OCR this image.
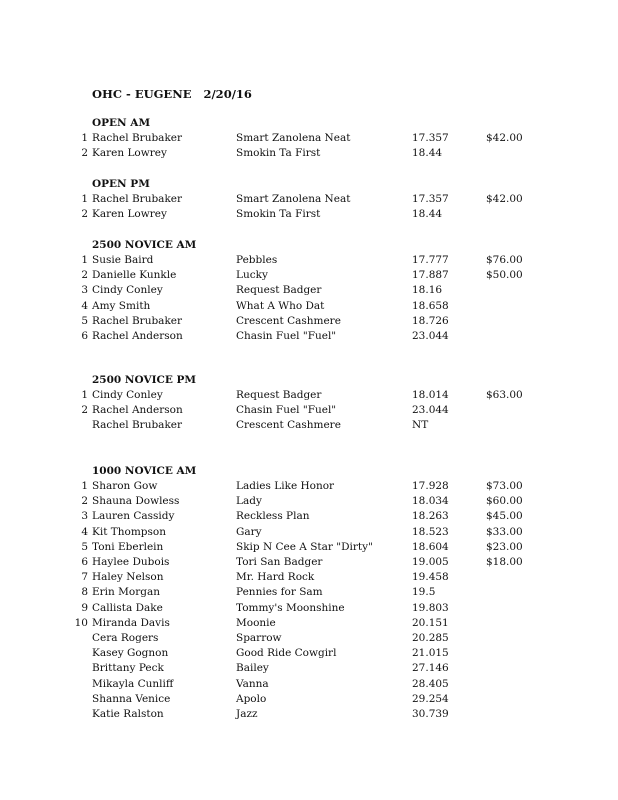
OHC - EUGENE   2/20/16
OPEN AM
1 Rachel Brubaker	Smart Zanolena Neat	17.357	$42.00
2 Karen Lowrey	Smokin Ta First	18.44
OPEN PM
1 Rachel Brubaker	Smart Zanolena Neat	17.357	$42.00
2 Karen Lowrey	Smokin Ta First	18.44
2500 NOVICE AM
1 Susie Baird	Pebbles	17.777	$76.00
2 Danielle Kunkle	Lucky	17.887	$50.00
3 Cindy Conley	Request Badger	18.16
4 Amy Smith	What A Who Dat	18.658
5 Rachel Brubaker	Crescent Cashmere	18.726
6 Rachel Anderson	Chasin Fuel "Fuel"	23.044
2500 NOVICE PM
1 Cindy Conley	Request Badger	18.014	$63.00
2 Rachel Anderson	Chasin Fuel "Fuel"	23.044
Rachel Brubaker	Crescent Cashmere	NT
1000 NOVICE AM
1 Sharon Gow	Ladies Like Honor	17.928	$73.00
2 Shauna Dowless	Lady	18.034	$60.00
3 Lauren Cassidy	Reckless Plan	18.263	$45.00
4 Kit Thompson	Gary	18.523	$33.00
5 Toni Eberlein	Skip N Cee A Star "Dirty"	18.604	$23.00
6 Haylee Dubois	Tori San Badger	19.005	$18.00
7 Haley Nelson	Mr. Hard Rock	19.458
8 Erin Morgan	Pennies for Sam	19.5
9 Callista Dake	Tommy's Moonshine	19.803
10 Miranda Davis	Moonie	20.151
Cera Rogers	Sparrow	20.285
Kasey Gognon	Good Ride Cowgirl	21.015
Brittany Peck	Bailey	27.146
Mikayla Cunliff	Vanna	28.405
Shanna Venice	Apolo	29.254
Katie Ralston	Jazz	30.739
